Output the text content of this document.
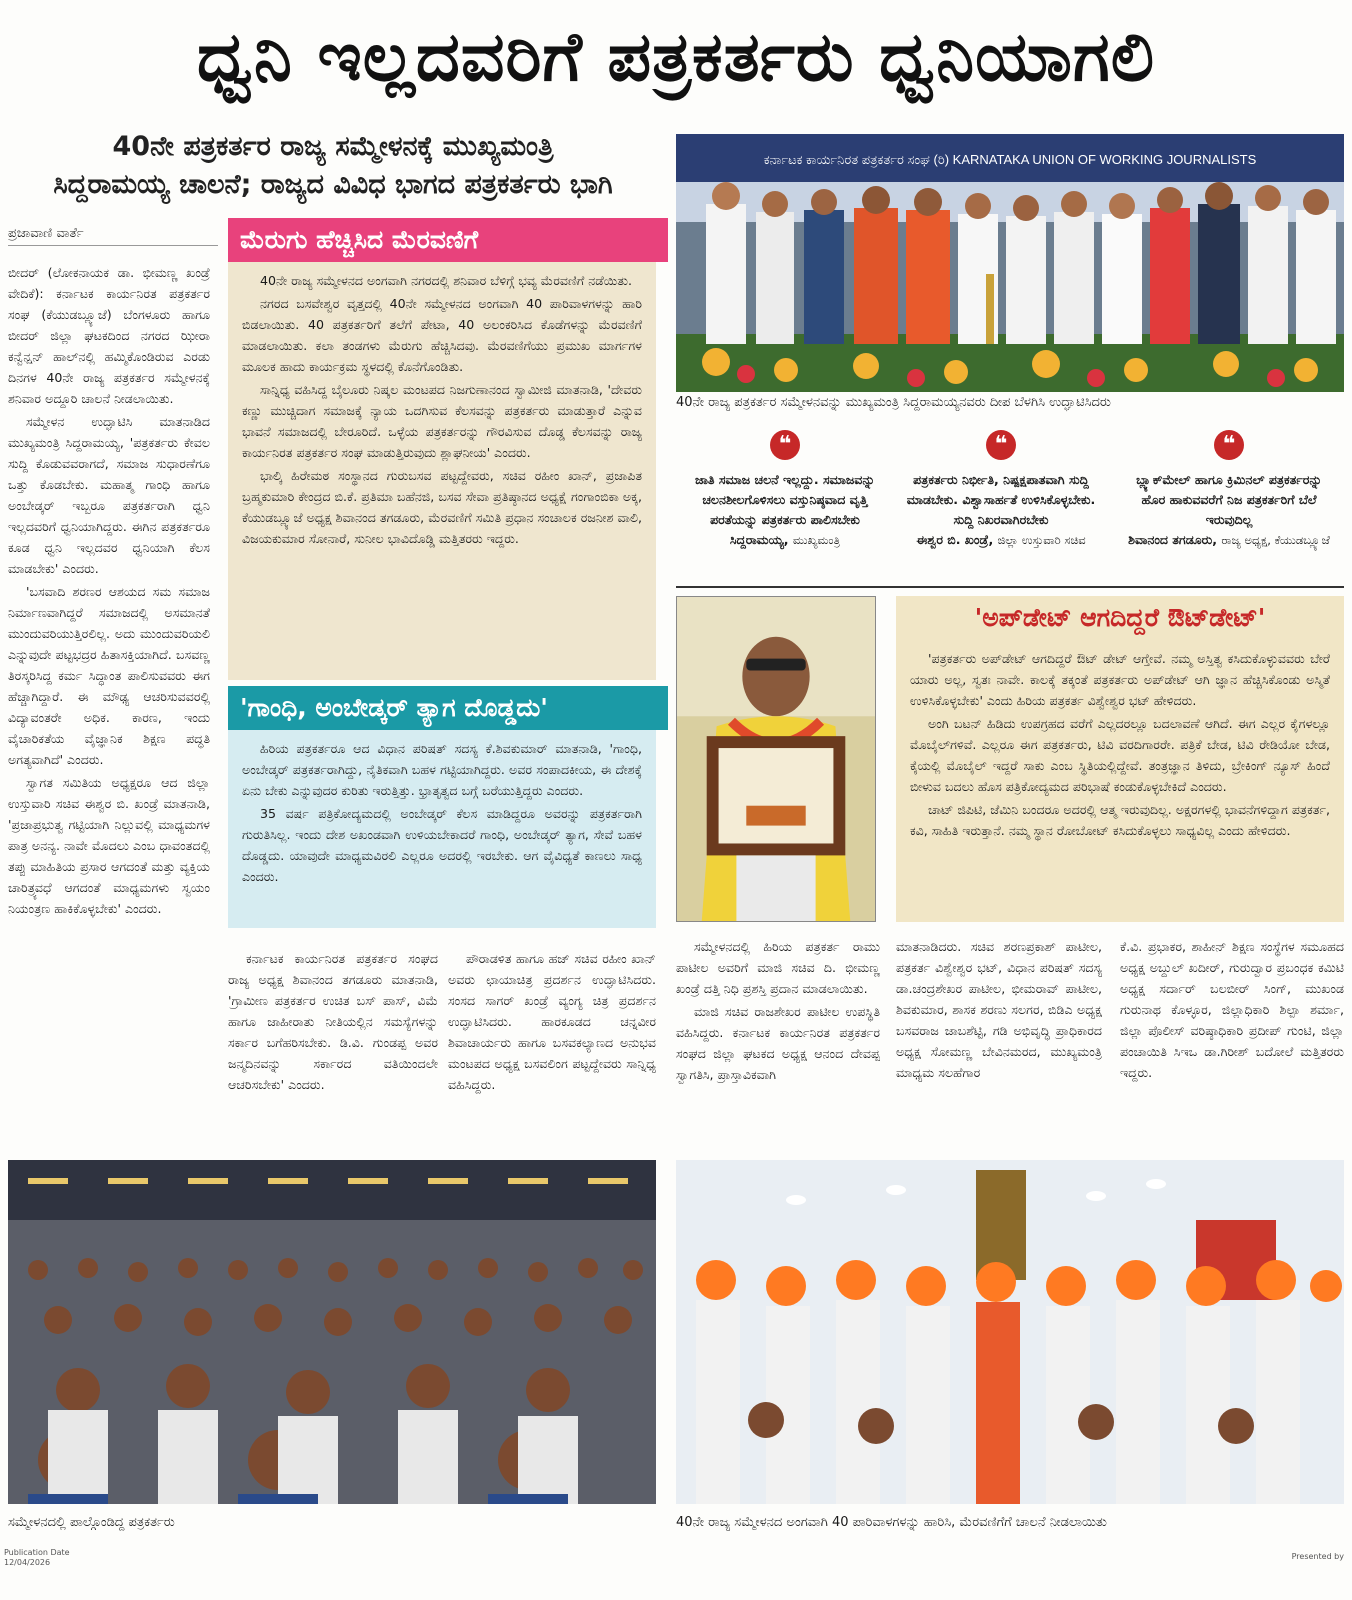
ಧ್ವನಿ ಇಲ್ಲದವರಿಗೆ ಪತ್ರಕರ್ತರು ಧ್ವನಿಯಾಗಲಿ
40ನೇ ಪತ್ರಕರ್ತರ ರಾಜ್ಯ ಸಮ್ಮೇಳನಕ್ಕೆ ಮುಖ್ಯಮಂತ್ರಿ
ಸಿದ್ದರಾಮಯ್ಯ ಚಾಲನೆ; ರಾಜ್ಯದ ವಿವಿಧ ಭಾಗದ ಪತ್ರಕರ್ತರು ಭಾಗಿ
ಪ್ರಜಾವಾಣಿ ವಾರ್ತೆ

ಬೀದರ್ (ಲೋಕನಾಯಕ ಡಾ. ಭೀಮಣ್ಣ ಖಂಡ್ರೆ ವೇದಿಕೆ): ಕರ್ನಾಟಕ ಕಾರ್ಯನಿರತ ಪತ್ರಕರ್ತರ ಸಂಘ (ಕೆಯುಡಬ್ಲ್ಯೂಜೆ) ಬೆಂಗಳೂರು ಹಾಗೂ ಬೀದರ್ ಜಿಲ್ಲಾ ಘಟಕದಿಂದ ನಗರದ ಝೀರಾ ಕನ್ವೆನ್ಷನ್ ಹಾಲ್‌ನಲ್ಲಿ ಹಮ್ಮಿಕೊಂಡಿರುವ ಎರಡು ದಿನಗಳ 40ನೇ ರಾಜ್ಯ ಪತ್ರಕರ್ತರ ಸಮ್ಮೇಳನಕ್ಕೆ ಶನಿವಾರ ಅದ್ದೂರಿ ಚಾಲನೆ ನೀಡಲಾಯಿತು.

ಸಮ್ಮೇಳನ ಉದ್ಘಾಟಿಸಿ ಮಾತನಾಡಿದ ಮುಖ್ಯಮಂತ್ರಿ ಸಿದ್ದರಾಮಯ್ಯ, 'ಪತ್ರಕರ್ತರು ಕೇವಲ ಸುದ್ದಿ ಕೊಡುವವರಾಗದೆ, ಸಮಾಜ ಸುಧಾರಣೆಗೂ ಒತ್ತು ಕೊಡಬೇಕು. ಮಹಾತ್ಮ ಗಾಂಧಿ ಹಾಗೂ ಅಂಬೇಡ್ಕರ್ ಇಬ್ಬರೂ ಪತ್ರಕರ್ತರಾಗಿ ಧ್ವನಿ ಇಲ್ಲದವರಿಗೆ ಧ್ವನಿಯಾಗಿದ್ದರು. ಈಗಿನ ಪತ್ರಕರ್ತರೂ ಕೂಡ ಧ್ವನಿ ಇಲ್ಲದವರ ಧ್ವನಿಯಾಗಿ ಕೆಲಸ ಮಾಡಬೇಕು' ಎಂದರು.

'ಬಸವಾದಿ ಶರಣರ ಆಶಯದ ಸಮ ಸಮಾಜ ನಿರ್ಮಾಣವಾಗಿದ್ದರೆ ಸಮಾಜದಲ್ಲಿ ಅಸಮಾನತೆ ಮುಂದುವರಿಯುತ್ತಿರಲಿಲ್ಲ. ಅದು ಮುಂದುವರಿಯಲಿ ಎನ್ನುವುದೇ ಪಟ್ಟಭದ್ರರ ಹಿತಾಸಕ್ತಿಯಾಗಿದೆ. ಬಸವಣ್ಣ ತಿರಸ್ಕರಿಸಿದ್ದ ಕರ್ಮ ಸಿದ್ಧಾಂತ ಪಾಲಿಸುವವರು ಈಗ ಹೆಚ್ಚಾಗಿದ್ದಾರೆ. ಈ ಮೌಢ್ಯ ಆಚರಿಸುವವರಲ್ಲಿ ವಿದ್ಯಾವಂತರೇ ಅಧಿಕ. ಕಾರಣ, ಇಂದು ವೈಚಾರಿಕತೆಯ ವೈಜ್ಞಾನಿಕ ಶಿಕ್ಷಣ ಪದ್ಧತಿ ಅಗತ್ಯವಾಗಿದೆ' ಎಂದರು.

ಸ್ವಾಗತ ಸಮಿತಿಯ ಅಧ್ಯಕ್ಷರೂ ಆದ ಜಿಲ್ಲಾ ಉಸ್ತುವಾರಿ ಸಚಿವ ಈಶ್ವರ ಬಿ. ಖಂಡ್ರೆ ಮಾತನಾಡಿ, 'ಪ್ರಜಾಪ್ರಭುತ್ವ ಗಟ್ಟಿಯಾಗಿ ನಿಲ್ಲುವಲ್ಲಿ ಮಾಧ್ಯಮಗಳ ಪಾತ್ರ ಅನನ್ಯ. ನಾವೇ ಮೊದಲು ಎಂಬ ಧಾವಂತದಲ್ಲಿ ತಪ್ಪು ಮಾಹಿತಿಯ ಪ್ರಸಾರ ಆಗದಂತೆ ಮತ್ತು ವ್ಯಕ್ತಿಯ ಚಾರಿತ್ರ್ಯವಧೆ ಆಗದಂತೆ ಮಾಧ್ಯಮಗಳು ಸ್ವಯಂ ನಿಯಂತ್ರಣ ಹಾಕಿಕೊಳ್ಳಬೇಕು' ಎಂದರು.

ಮೆರುಗು ಹೆಚ್ಚಿಸಿದ ಮೆರವಣಿಗೆ

40ನೇ ರಾಜ್ಯ ಸಮ್ಮೇಳನದ ಅಂಗವಾಗಿ ನಗರದಲ್ಲಿ ಶನಿವಾರ ಬೆಳಿಗ್ಗೆ ಭವ್ಯ ಮೆರವಣಿಗೆ ನಡೆಯಿತು.

ನಗರದ ಬಸವೇಶ್ವರ ವೃತ್ತದಲ್ಲಿ 40ನೇ ಸಮ್ಮೇಳನದ ಅಂಗವಾಗಿ 40 ಪಾರಿವಾಳಗಳನ್ನು ಹಾರಿ ಬಿಡಲಾಯಿತು. 40 ಪತ್ರಕರ್ತರಿಗೆ ತಲೆಗೆ ಪೇಟಾ, 40 ಅಲಂಕರಿಸಿದ ಕೊಡೆಗಳನ್ನು ಮೆರವಣಿಗೆ ಮಾಡಲಾಯಿತು. ಕಲಾ ತಂಡಗಳು ಮೆರುಗು ಹೆಚ್ಚಿಸಿದವು. ಮೆರವಣಿಗೆಯು ಪ್ರಮುಖ ಮಾರ್ಗಗಳ ಮೂಲಕ ಹಾದು ಕಾರ್ಯಕ್ರಮ ಸ್ಥಳದಲ್ಲಿ ಕೊನೆಗೊಂಡಿತು.

ಸಾನ್ನಿಧ್ಯ ವಹಿಸಿದ್ದ ಬೈಲೂರು ನಿಷ್ಕಲ ಮಂಟಪದ ನಿಜಗುಣಾನಂದ ಸ್ವಾಮೀಜಿ ಮಾತನಾಡಿ, 'ದೇವರು ಕಣ್ಣು ಮುಚ್ಚಿದಾಗ ಸಮಾಜಕ್ಕೆ ನ್ಯಾಯ ಒದಗಿಸುವ ಕೆಲಸವನ್ನು ಪತ್ರಕರ್ತರು ಮಾಡುತ್ತಾರೆ ಎನ್ನುವ ಭಾವನೆ ಸಮಾಜದಲ್ಲಿ ಬೇರೂರಿದೆ. ಒಳ್ಳೆಯ ಪತ್ರಕರ್ತರನ್ನು ಗೌರವಿಸುವ ದೊಡ್ಡ ಕೆಲಸವನ್ನು ರಾಜ್ಯ ಕಾರ್ಯನಿರತ ಪತ್ರಕರ್ತರ ಸಂಘ ಮಾಡುತ್ತಿರುವುದು ಶ್ಲಾಘನೀಯ' ಎಂದರು.

ಭಾಲ್ಕಿ ಹಿರೇಮಠ ಸಂಸ್ಥಾನದ ಗುರುಬಸವ ಪಟ್ಟದ್ದೇವರು, ಸಚಿವ ರಹೀಂ ಖಾನ್, ಪ್ರಜಾಪಿತ ಬ್ರಹ್ಮಕುಮಾರಿ ಕೇಂದ್ರದ ಬಿ.ಕೆ. ಪ್ರತಿಮಾ ಬಹೆನಜಿ, ಬಸವ ಸೇವಾ ಪ್ರತಿಷ್ಠಾನದ ಅಧ್ಯಕ್ಷೆ ಗಂಗಾಂಬಿಕಾ ಅಕ್ಕ, ಕೆಯುಡಬ್ಲ್ಯೂಜೆ ಅಧ್ಯಕ್ಷ ಶಿವಾನಂದ ತಗಡೂರು, ಮೆರವಣಿಗೆ ಸಮಿತಿ ಪ್ರಧಾನ ಸಂಚಾಲಕ ರಜನೀಶ ವಾಲಿ, ವಿಜಯಕುಮಾರ ಸೋನಾರೆ, ಸುನೀಲ ಭಾವಿದೊಡ್ಡಿ ಮತ್ತಿತರರು ಇದ್ದರು.

'ಗಾಂಧಿ, ಅಂಬೇಡ್ಕರ್ ತ್ಯಾಗ ದೊಡ್ಡದು'

ಹಿರಿಯ ಪತ್ರಕರ್ತರೂ ಆದ ವಿಧಾನ ಪರಿಷತ್ ಸದಸ್ಯ ಕೆ.ಶಿವಕುಮಾರ್ ಮಾತನಾಡಿ, 'ಗಾಂಧಿ, ಅಂಬೇಡ್ಕರ್ ಪತ್ರಕರ್ತರಾಗಿದ್ದು, ನೈತಿಕವಾಗಿ ಬಹಳ ಗಟ್ಟಿಯಾಗಿದ್ದರು. ಅವರ ಸಂಪಾದಕೀಯ, ಈ ದೇಶಕ್ಕೆ ಏನು ಬೇಕು ಎನ್ನುವುದರ ಕುರಿತು ಇರುತ್ತಿತ್ತು. ಭ್ರಾತೃತ್ವದ ಬಗ್ಗೆ ಬರೆಯುತ್ತಿದ್ದರು ಎಂದರು.

35 ವರ್ಷ ಪತ್ರಿಕೋದ್ಯಮದಲ್ಲಿ ಅಂಬೇಡ್ಕರ್ ಕೆಲಸ ಮಾಡಿದ್ದರೂ ಅವರನ್ನು ಪತ್ರಕರ್ತರಾಗಿ ಗುರುತಿಸಿಲ್ಲ. ಇಂದು ದೇಶ ಅಖಂಡವಾಗಿ ಉಳಿಯಬೇಕಾದರೆ ಗಾಂಧಿ, ಅಂಬೇಡ್ಕರ್ ತ್ಯಾಗ, ಸೇವೆ ಬಹಳ ದೊಡ್ಡದು. ಯಾವುದೇ ಮಾಧ್ಯಮವಿರಲಿ ಎಲ್ಲರೂ ಅದರಲ್ಲಿ ಇರಬೇಕು. ಆಗ ವೈವಿಧ್ಯತೆ ಕಾಣಲು ಸಾಧ್ಯ ಎಂದರು.

ಕರ್ನಾಟಕ ಕಾರ್ಯನಿರತ ಪತ್ರಕರ್ತರ ಸಂಘದ ರಾಜ್ಯ ಅಧ್ಯಕ್ಷ ಶಿವಾನಂದ ತಗಡೂರು ಮಾತನಾಡಿ, 'ಗ್ರಾಮೀಣ ಪತ್ರಕರ್ತರ ಉಚಿತ ಬಸ್ ಪಾಸ್, ವಿಮೆ ಹಾಗೂ ಜಾಹೀರಾತು ನೀತಿಯಲ್ಲಿನ ಸಮಸ್ಯೆಗಳನ್ನು ಸರ್ಕಾರ ಬಗೆಹರಿಸಬೇಕು. ಡಿ.ವಿ. ಗುಂಡಪ್ಪ ಅವರ ಜನ್ಮದಿನವನ್ನು ಸರ್ಕಾರದ ವತಿಯಿಂದಲೇ ಆಚರಿಸಬೇಕು' ಎಂದರು.

ಪೌರಾಡಳಿತ ಹಾಗೂ ಹಜ್ ಸಚಿವ ರಹೀಂ ಖಾನ್ ಅವರು ಛಾಯಾಚಿತ್ರ ಪ್ರದರ್ಶನ ಉದ್ಘಾಟಿಸಿದರು. ಸಂಸದ ಸಾಗರ್ ಖಂಡ್ರೆ ವ್ಯಂಗ್ಯ ಚಿತ್ರ ಪ್ರದರ್ಶನ ಉದ್ಘಾಟಿಸಿದರು. ಹಾರಕೂಡದ ಚನ್ನವೀರ ಶಿವಾಚಾರ್ಯರು ಹಾಗೂ ಬಸವಕಲ್ಯಾಣದ ಅನುಭವ ಮಂಟಪದ ಅಧ್ಯಕ್ಷ ಬಸವಲಿಂಗ ಪಟ್ಟದ್ದೇವರು ಸಾನ್ನಿಧ್ಯ ವಹಿಸಿದ್ದರು.

ಕರ್ನಾಟಕ ಕಾರ್ಯನಿರತ ಪತ್ರಕರ್ತರ ಸಂಘ (ರಿ) KARNATAKA UNION OF WORKING JOURNALISTS
40ನೇ ರಾಜ್ಯ ಪತ್ರಕರ್ತರ ಸಮ್ಮೇಳನವನ್ನು ಮುಖ್ಯಮಂತ್ರಿ ಸಿದ್ದರಾಮಯ್ಯನವರು ದೀಪ ಬೆಳಗಿಸಿ ಉದ್ಘಾಟಿಸಿದರು
❝
ಜಾತಿ ಸಮಾಜ ಚಲನೆ ಇಲ್ಲದ್ದು. ಸಮಾಜವನ್ನು ಚಲನಶೀಲಗೊಳಿಸಲು ವಸ್ತುನಿಷ್ಠವಾದ ವೃತ್ತಿ ಪರತೆಯನ್ನು ಪತ್ರಕರ್ತರು ಪಾಲಿಸಬೇಕು
ಸಿದ್ದರಾಮಯ್ಯ, ಮುಖ್ಯಮಂತ್ರಿ
❝
ಪತ್ರಕರ್ತರು ನಿರ್ಭೀತಿ, ನಿಷ್ಪಕ್ಷಪಾತವಾಗಿ ಸುದ್ದಿ ಮಾಡಬೇಕು. ವಿಶ್ವಾಸಾರ್ಹತೆ ಉಳಿಸಿಕೊಳ್ಳಬೇಕು. ಸುದ್ದಿ ನಿಖರವಾಗಿರಬೇಕು
ಈಶ್ವರ ಬಿ. ಖಂಡ್ರೆ, ಜಿಲ್ಲಾ ಉಸ್ತುವಾರಿ ಸಚಿವ
❝
ಬ್ಲ್ಯಾಕ್‌ಮೇಲ್ ಹಾಗೂ ಕ್ರಿಮಿನಲ್ ಪತ್ರಕರ್ತರನ್ನು ಹೊರ ಹಾಕುವವರೆಗೆ ನಿಜ ಪತ್ರಕರ್ತರಿಗೆ ಬೆಲೆ ಇರುವುದಿಲ್ಲ
ಶಿವಾನಂದ ತಗಡೂರು, ರಾಜ್ಯ ಅಧ್ಯಕ್ಷ, ಕೆಯುಡಬ್ಲ್ಯೂಜೆ
'ಅಪ್‌ಡೇಟ್ ಆಗದಿದ್ದರೆ ಔಟ್‌ಡೇಟ್'

'ಪತ್ರಕರ್ತರು ಅಪ್‌ಡೇಟ್ ಆಗದಿದ್ದರೆ ಔಟ್ ಡೇಟ್ ಆಗ್ತೇವೆ. ನಮ್ಮ ಅಸ್ತಿತ್ವ ಕಸಿದುಕೊಳ್ಳುವವರು ಬೇರೆ ಯಾರು ಅಲ್ಲ, ಸ್ವತಃ ನಾವೇ. ಕಾಲಕ್ಕೆ ತಕ್ಕಂತೆ ಪತ್ರಕರ್ತರು ಅಪ್‌ಡೇಟ್ ಆಗಿ ಜ್ಞಾನ ಹೆಚ್ಚಿಸಿಕೊಂಡು ಅಸ್ಮಿತೆ ಉಳಿಸಿಕೊಳ್ಳಬೇಕು' ಎಂದು ಹಿರಿಯ ಪತ್ರಕರ್ತ ವಿಶ್ವೇಶ್ವರ ಭಟ್ ಹೇಳಿದರು.

ಅಂಗಿ ಬಟನ್ ಹಿಡಿದು ಉಪಗ್ರಹದ ವರೆಗೆ ಎಲ್ಲದರಲ್ಲೂ ಬದಲಾವಣೆ ಆಗಿದೆ. ಈಗ ಎಲ್ಲರ ಕೈಗಳಲ್ಲೂ ಮೊಬೈಲ್‌ಗಳಿವೆ. ಎಲ್ಲರೂ ಈಗ ಪತ್ರಕರ್ತರು, ಟಿವಿ ವರದಿಗಾರರೇ. ಪತ್ರಿಕೆ ಬೇಡ, ಟಿವಿ ರೇಡಿಯೋ ಬೇಡ, ಕೈಯಲ್ಲಿ ಮೊಬೈಲ್ ಇದ್ದರೆ ಸಾಕು ಎಂಬ ಸ್ಥಿತಿಯಲ್ಲಿದ್ದೇವೆ. ತಂತ್ರಜ್ಞಾನ ತಿಳಿದು, ಬ್ರೇಕಿಂಗ್ ನ್ಯೂಸ್ ಹಿಂದೆ ಬೀಳುವ ಬದಲು ಹೊಸ ಪತ್ರಿಕೋದ್ಯಮದ ಪರಿಭಾಷೆ ಕಂಡುಕೊಳ್ಳಬೇಕಿದೆ ಎಂದರು.

ಚಾಟ್ ಜಿಪಿಟಿ, ಜೆಮಿನಿ ಬಂದರೂ ಅದರಲ್ಲಿ ಆತ್ಮ ಇರುವುದಿಲ್ಲ. ಅಕ್ಷರಗಳಲ್ಲಿ ಭಾವನೆಗಳಿದ್ದಾಗ ಪತ್ರಕರ್ತ, ಕವಿ, ಸಾಹಿತಿ ಇರುತ್ತಾನೆ. ನಮ್ಮ ಸ್ಥಾನ ರೋಬೋಟ್ ಕಸಿದುಕೊಳ್ಳಲು ಸಾಧ್ಯವಿಲ್ಲ ಎಂದು ಹೇಳಿದರು.

ಸಮ್ಮೇಳನದಲ್ಲಿ ಹಿರಿಯ ಪತ್ರಕರ್ತ ರಾಮು ಪಾಟೀಲ ಅವರಿಗೆ ಮಾಜಿ ಸಚಿವ ದಿ. ಭೀಮಣ್ಣ ಖಂಡ್ರೆ ದತ್ತಿ ನಿಧಿ ಪ್ರಶಸ್ತಿ ಪ್ರದಾನ ಮಾಡಲಾಯಿತು.

ಮಾಜಿ ಸಚಿವ ರಾಜಶೇಖರ ಪಾಟೀಲ ಉಪಸ್ಥಿತಿ ವಹಿಸಿದ್ದರು. ಕರ್ನಾಟಕ ಕಾರ್ಯನಿರತ ಪತ್ರಕರ್ತರ ಸಂಘದ ಜಿಲ್ಲಾ ಘಟಕದ ಅಧ್ಯಕ್ಷ ಆನಂದ ದೇವಪ್ಪ ಸ್ವಾಗತಿಸಿ, ಪ್ರಾಸ್ತಾವಿಕವಾಗಿ

ಮಾತನಾಡಿದರು. ಸಚಿವ ಶರಣಪ್ರಕಾಶ್ ಪಾಟೀಲ, ಪತ್ರಕರ್ತ ವಿಶ್ವೇಶ್ವರ ಭಟ್, ವಿಧಾನ ಪರಿಷತ್ ಸದಸ್ಯ ಡಾ.ಚಂದ್ರಶೇಖರ ಪಾಟೀಲ, ಭೀಮರಾವ್ ಪಾಟೀಲ, ಶಿವಕುಮಾರ, ಶಾಸಕ ಶರಣು ಸಲಗರ, ಬಿಡಿಎ ಅಧ್ಯಕ್ಷ ಬಸವರಾಜ ಜಾಬಶೆಟ್ಟಿ, ಗಡಿ ಅಭಿವೃದ್ಧಿ ಪ್ರಾಧಿಕಾರದ ಅಧ್ಯಕ್ಷ ಸೋಮಣ್ಣ ಬೇವಿನಮರದ, ಮುಖ್ಯಮಂತ್ರಿ ಮಾಧ್ಯಮ ಸಲಹೆಗಾರ

ಕೆ.ವಿ. ಪ್ರಭಾಕರ, ಶಾಹೀನ್ ಶಿಕ್ಷಣ ಸಂಸ್ಥೆಗಳ ಸಮೂಹದ ಅಧ್ಯಕ್ಷ ಅಬ್ದುಲ್ ಖದೀರ್, ಗುರುದ್ವಾರ ಪ್ರಬಂಧಕ ಕಮಿಟಿ ಅಧ್ಯಕ್ಷ ಸರ್ದಾರ್ ಬಲಬೀರ್ ಸಿಂಗ್, ಮುಖಂಡ ಗುರುನಾಥ ಕೊಳ್ಳೂರ, ಜಿಲ್ಲಾಧಿಕಾರಿ ಶಿಲ್ಪಾ ಶರ್ಮಾ, ಜಿಲ್ಲಾ ಪೊಲೀಸ್ ವರಿಷ್ಠಾಧಿಕಾರಿ ಪ್ರದೀಪ್ ಗುಂಟಿ, ಜಿಲ್ಲಾ ಪಂಚಾಯಿತಿ ಸಿಇಒ ಡಾ.ಗಿರೀಶ್ ಬದೋಲೆ ಮತ್ತಿತರರು ಇದ್ದರು.

ಸಮ್ಮೇಳನದಲ್ಲಿ ಪಾಲ್ಗೊಂಡಿದ್ದ ಪತ್ರಕರ್ತರು	40ನೇ ರಾಜ್ಯ ಸಮ್ಮೇಳನದ ಅಂಗವಾಗಿ 40 ಪಾರಿವಾಳಗಳನ್ನು ಹಾರಿಸಿ, ಮೆರವಣಿಗೆಗೆ ಚಾಲನೆ ನೀಡಲಾಯಿತು
Publication Date
12/04/2026
Presented by
